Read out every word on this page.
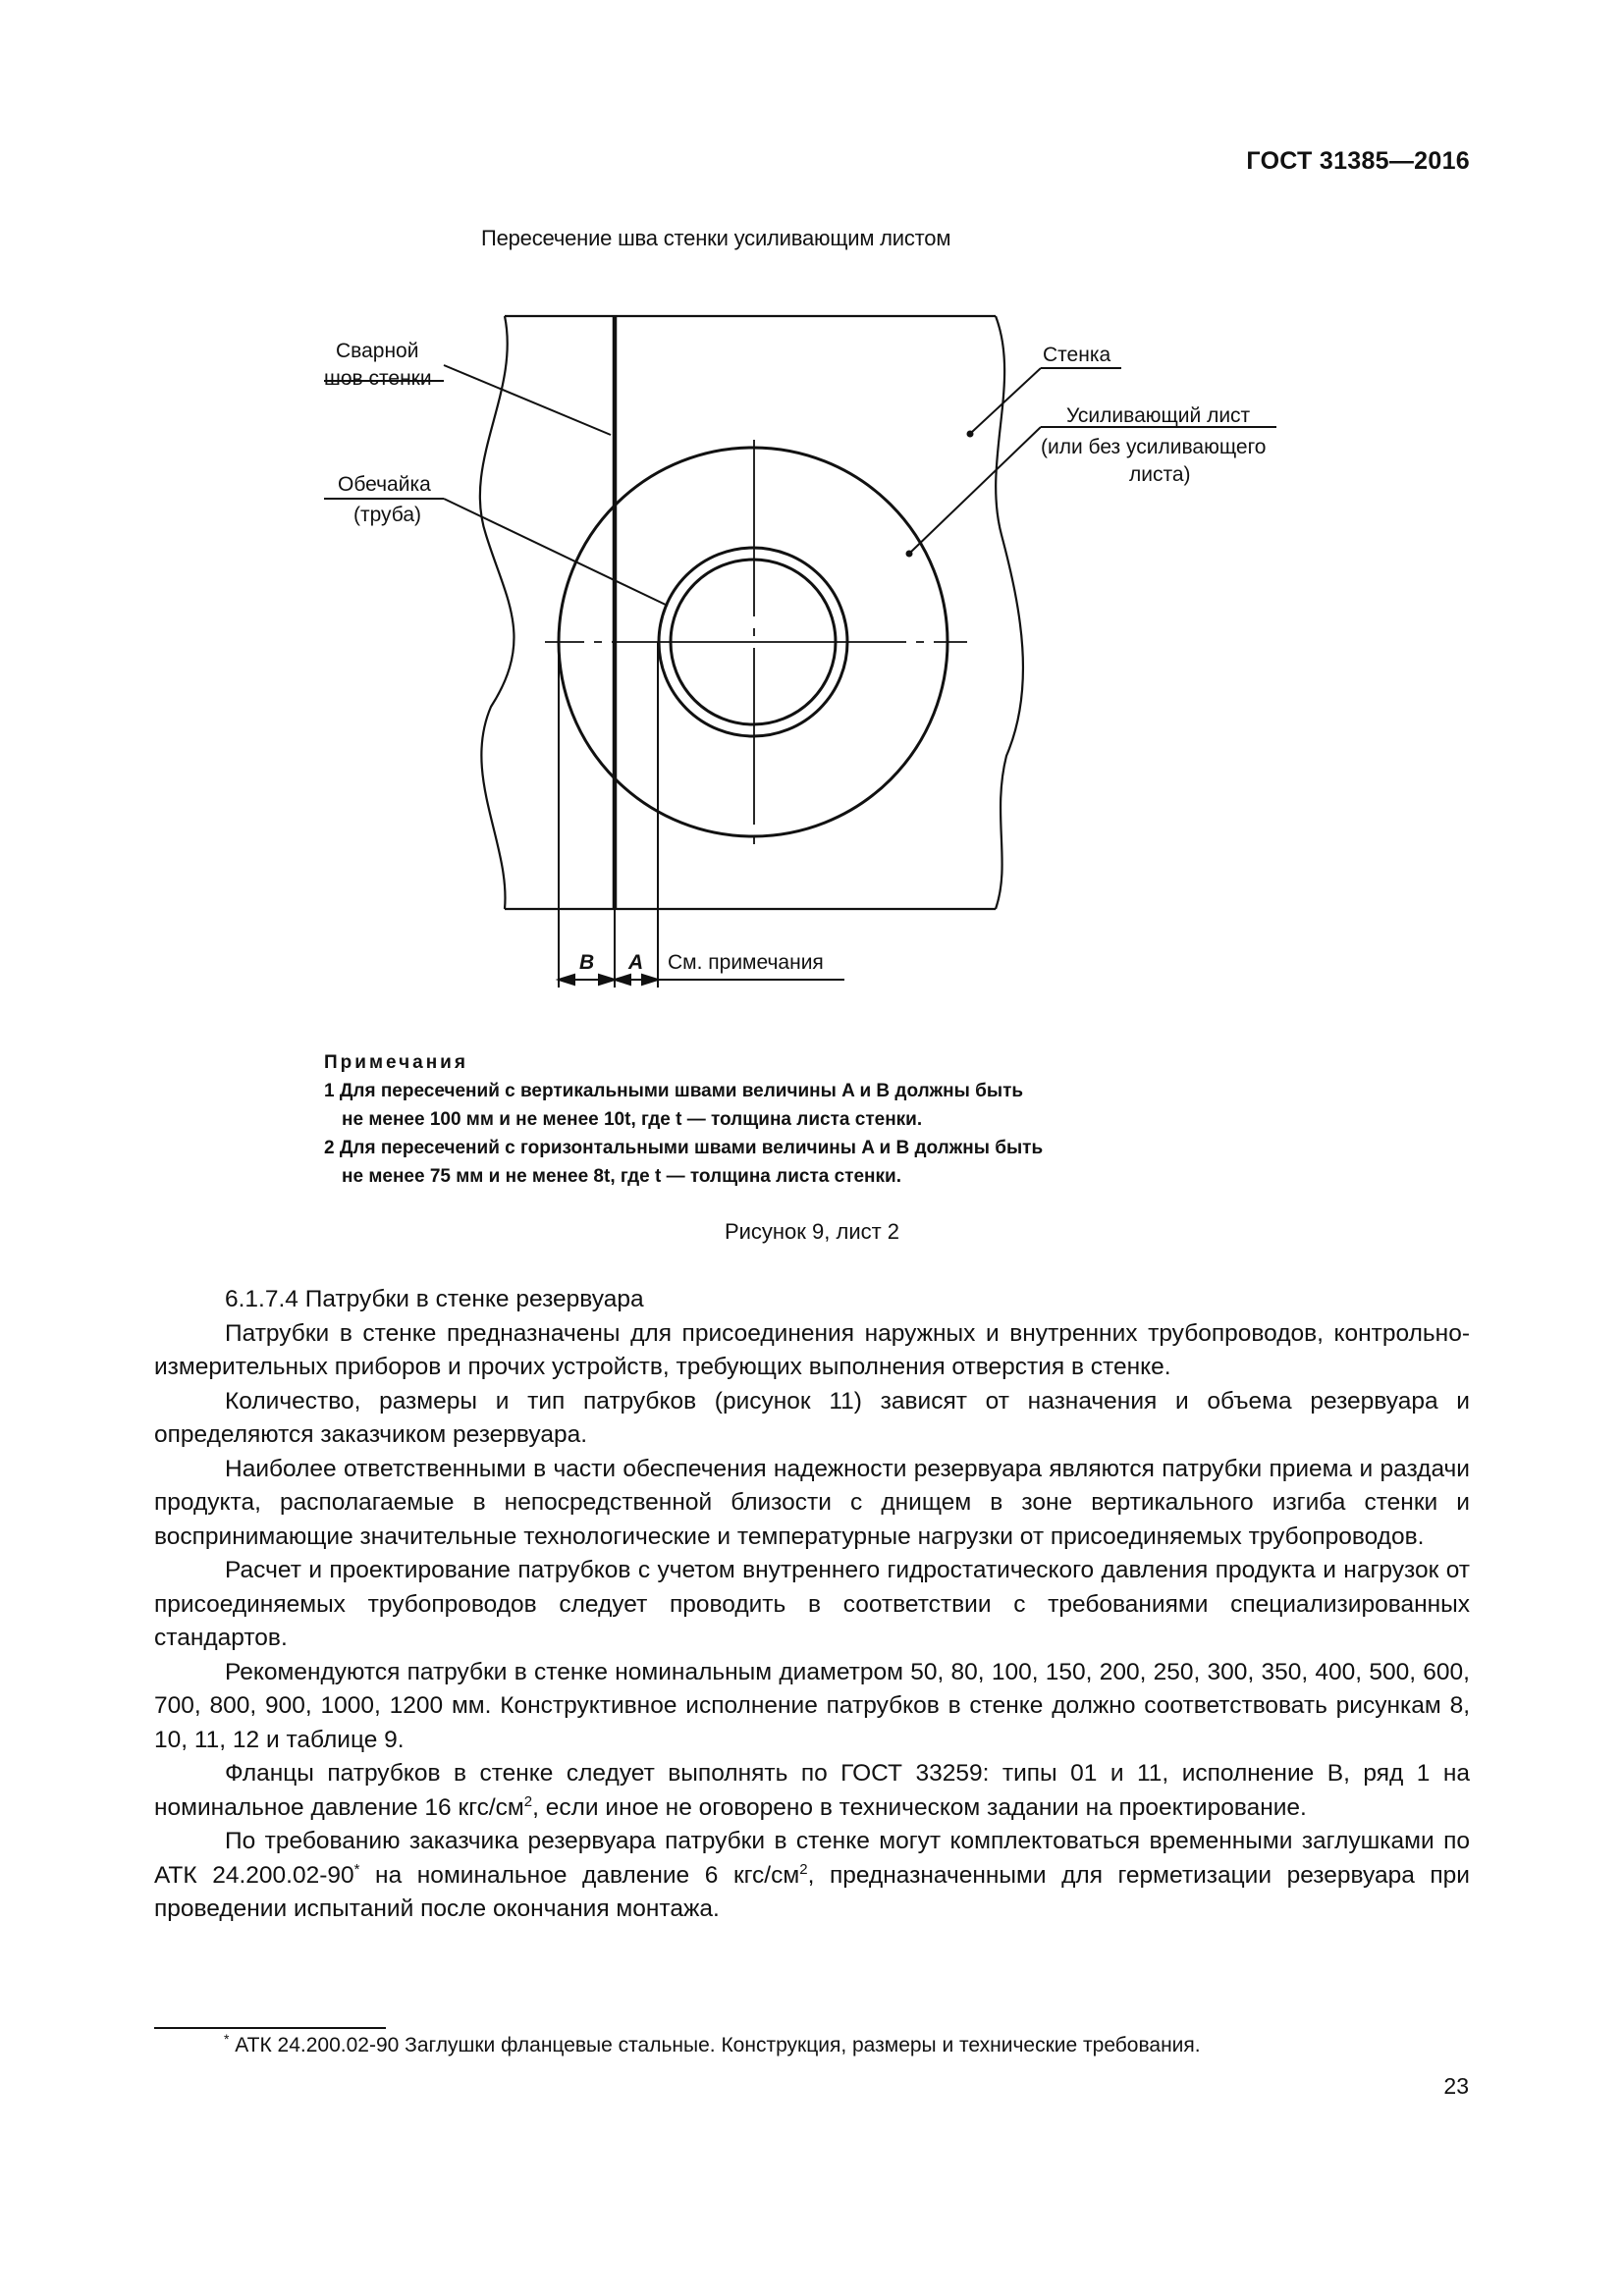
ГОСТ 31385—2016
Пересечение шва стенки усиливающим листом
Сварной
шов стенки
Обечайка
(труба)
Стенка
Усиливающий лист
(или без усиливающего
листа)
B A См. примечания
Примечания
1 Для пересечений с вертикальными швами величины A и B должны быть
не менее 100 мм и не менее 10t, где t — толщина листа стенки.
2 Для пересечений с горизонтальными швами величины A и B должны быть
не менее 75 мм и не менее 8t, где t — толщина листа стенки.
Рисунок 9, лист 2

6.1.7.4 Патрубки в стенке резервуара

Патрубки в стенке предназначены для присоединения наружных и внутренних трубопроводов, контрольно-измерительных приборов и прочих устройств, требующих выполнения отверстия в стенке.

Количество, размеры и тип патрубков (рисунок 11) зависят от назначения и объема резервуара и определяются заказчиком резервуара.

Наиболее ответственными в части обеспечения надежности резервуара являются патрубки приема и раздачи продукта, располагаемые в непосредственной близости с днищем в зоне вертикального изгиба стенки и воспринимающие значительные технологические и температурные нагрузки от присоединяемых трубопроводов.

Расчет и проектирование патрубков с учетом внутреннего гидростатического давления продукта и нагрузок от присоединяемых трубопроводов следует проводить в соответствии с требованиями специализированных стандартов.

Рекомендуются патрубки в стенке номинальным диаметром 50, 80, 100, 150, 200, 250, 300, 350, 400, 500, 600, 700, 800, 900, 1000, 1200 мм. Конструктивное исполнение патрубков в стенке должно соответствовать рисункам 8, 10, 11, 12 и таблице 9.

Фланцы патрубков в стенке следует выполнять по ГОСТ 33259: типы 01 и 11, исполнение В, ряд 1 на номинальное давление 16 кгс/$см^2$, если иное не оговорено в техническом задании на проектирование.

По требованию заказчика резервуара патрубки в стенке могут комплектоваться временными заглушками по АТК 24.200.02-90* на номинальное давление 6 кгс/$см^2$, предназначенными для герметизации резервуара при проведении испытаний после окончания монтажа.

* АТК 24.200.02-90 Заглушки фланцевые стальные. Конструкция, размеры и технические требования.
23
